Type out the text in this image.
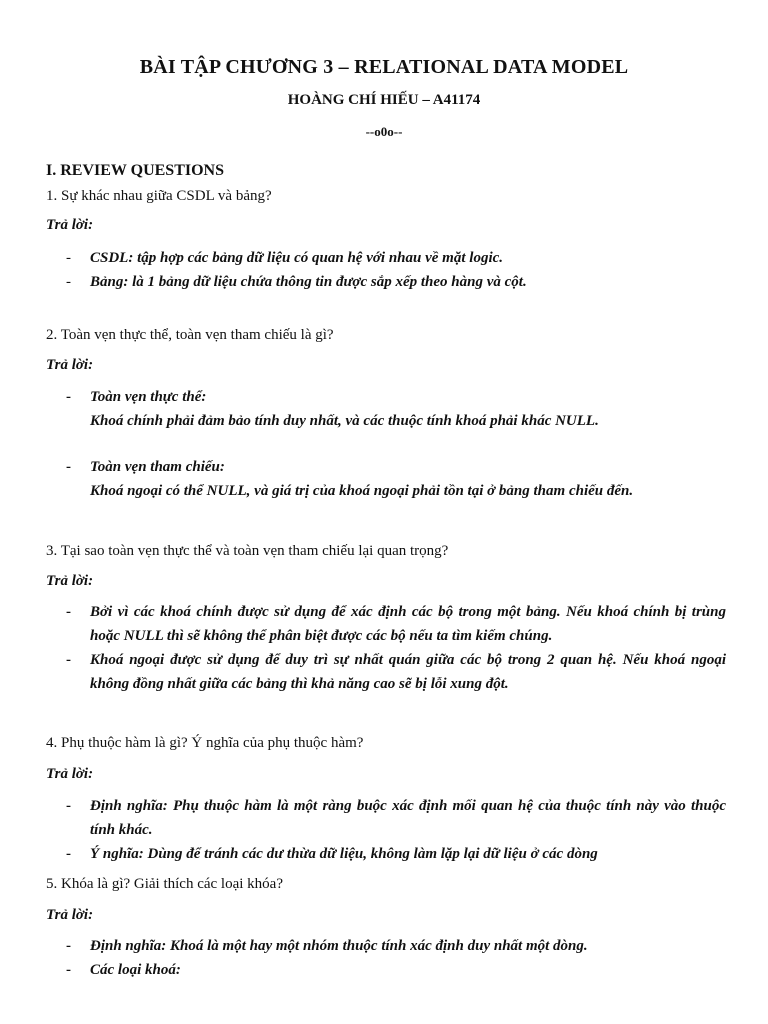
BÀI TẬP CHƯƠNG 3 – RELATIONAL DATA MODEL
HOÀNG CHÍ HIẾU – A41174
--o0o--
I. REVIEW QUESTIONS
1. Sự khác nhau giữa CSDL và bảng?
Trả lời:
- CSDL: tập hợp các bảng dữ liệu có quan hệ với nhau về mặt logic.
- Bảng: là 1 bảng dữ liệu chứa thông tin được sắp xếp theo hàng và cột.
2. Toàn vẹn thực thể, toàn vẹn tham chiếu là gì?
Trả lời:
- Toàn vẹn thực thể:
Khoá chính phải đảm bảo tính duy nhất, và các thuộc tính khoá phải khác NULL.
- Toàn vẹn tham chiếu:
Khoá ngoại có thể NULL, và giá trị của khoá ngoại phải tồn tại ở bảng tham chiếu đến.
3. Tại sao toàn vẹn thực thể và toàn vẹn tham chiếu lại quan trọng?
Trả lời:
- Bởi vì các khoá chính được sử dụng để xác định các bộ trong một bảng. Nếu khoá chính bị trùng hoặc NULL thì sẽ không thể phân biệt được các bộ nếu ta tìm kiếm chúng.
- Khoá ngoại được sử dụng để duy trì sự nhất quán giữa các bộ trong 2 quan hệ. Nếu khoá ngoại không đồng nhất giữa các bảng thì khả năng cao sẽ bị lỗi xung đột.
4. Phụ thuộc hàm là gì? Ý nghĩa của phụ thuộc hàm?
Trả lời:
- Định nghĩa: Phụ thuộc hàm là một ràng buộc xác định mối quan hệ của thuộc tính này vào thuộc tính khác.
- Ý nghĩa: Dùng để tránh các dư thừa dữ liệu, không làm lặp lại dữ liệu ở các dòng
5. Khóa là gì? Giải thích các loại khóa?
Trả lời:
- Định nghĩa: Khoá là một hay một nhóm thuộc tính xác định duy nhất một dòng.
- Các loại khoá:
